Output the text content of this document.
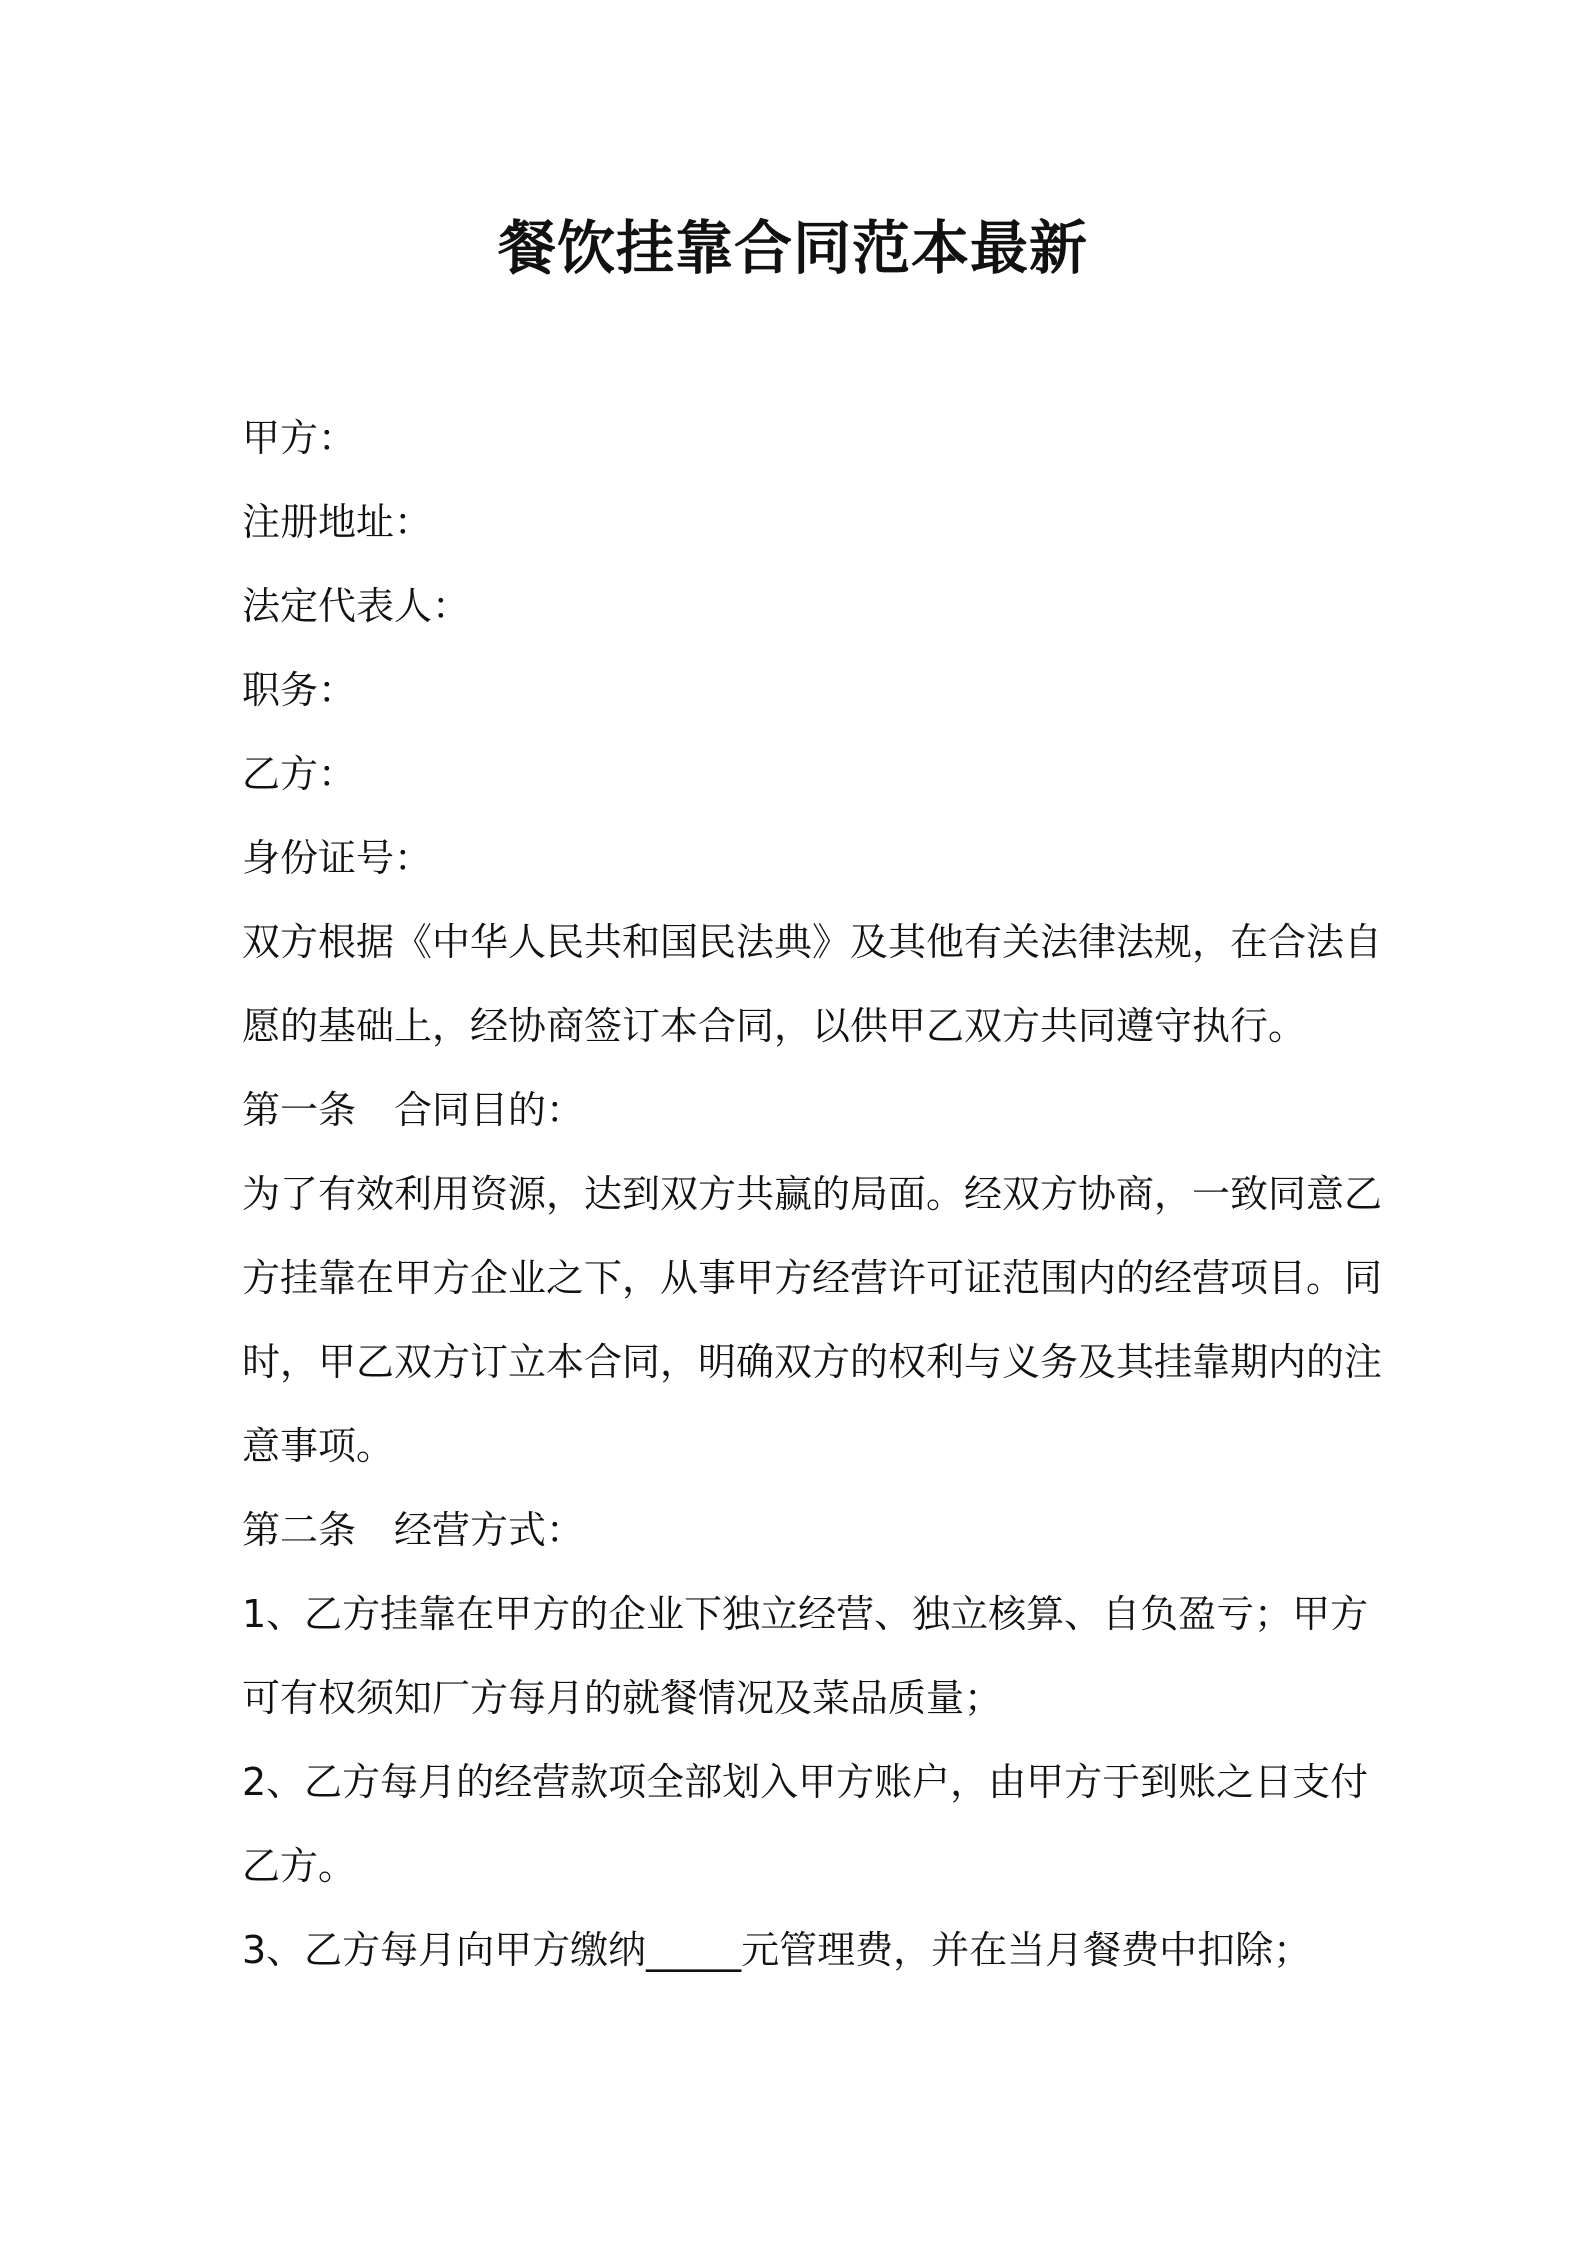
餐饮挂靠合同范本最新

甲方：

注册地址：

法定代表人：

职务：

乙方：

身份证号：

双方根据《中华人民共和国民法典》及其他有关法律法规，在合法自

愿的基础上，经协商签订本合同，以供甲乙双方共同遵守执行。

第一条 合同目的：

为了有效利用资源，达到双方共赢的局面。经双方协商，一致同意乙

方挂靠在甲方企业之下，从事甲方经营许可证范围内的经营项目。同

时，甲乙双方订立本合同，明确双方的权利与义务及其挂靠期内的注

意事项。

第二条 经营方式：

1、乙方挂靠在甲方的企业下独立经营、独立核算、自负盈亏；甲方

可有权须知厂方每月的就餐情况及菜品质量；

2、乙方每月的经营款项全部划入甲方账户，由甲方于到账之日支付

乙方。

3、乙方每月向甲方缴纳_____元管理费，并在当月餐费中扣除；
